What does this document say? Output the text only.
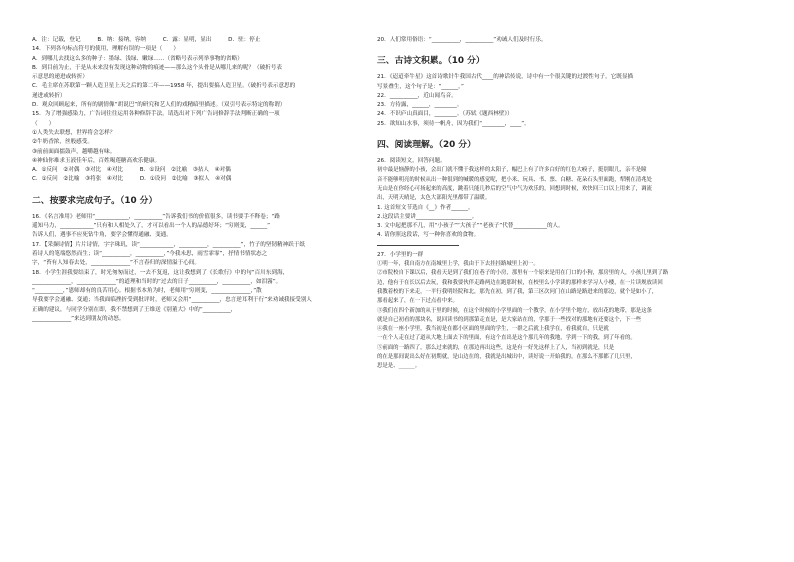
A．注：记载，登记　　　B．纳：接纳，容纳　　　C．露：显明，显出　　　D．驻：停止
14．下列各句标点符号的使用，理解有误的一项是（　　）
A．到哪儿去找这么多的种子：墨绿、浅绿、嫩绿……（省略号表示列举事物的省略）
B．到目前为止，于是从未来没有发现这种动物的痕迹——那么这个头骨是从哪儿来的呢？（破折号表
示意思的递进或转折）
C．毛主席在苏联第一颗人造卫星上天之后的第二年——1958 年，提出要搞人造卫星。（破折号表示意思的
递进或转折）
D．观众回顾起来，所有的剧情像“胡说巴”的研究和艺人们的戏精暗里描述。（双引号表示特定的称谓）
15．为了增强感染力，广告词往往运用各种修辞手法。请选出对下列广告词修辞手法判断正确的一项
（　　）
①人类失去联想，世界将会怎样？
②牛奶香浓，丝般感受。
③前前面面擂鼓声，越嚼越有味。
④神仙你难求玉液佳年后，百姓喝莲糖高欢乐健康。
A．①反问　②对偶　③对比　④对比　　　B．①设问　②比喻　③拈人　④对偶
C．①反问　②比喻　③将张　④对比　　　D．①设问　②比喻　③拟人　④对偶
二、按要求完成句子。（10 分）
16．《名言准用》老师用“____________，__________”告诉我们书的价值很多，读书要手不释卷；“路
遥知马力，____________”只有和人相处久了，才可以看出一个人的品德好坏；“穷则变，______”
告诉人们，遇事不应死钻牛角，要学会懂得通融、变通。
17．【采撷诗情】片片诗情，字字珠玑，读“____________，__________，__________”，竹子的坚韧精神跃于纸
着诗人的笔端悠然而生；读“__________，__________，”今我未思，雨雪霏霏”，抒情书情状态之
字，“苔有人知春去处，______________”不言春归的深情溢于心间。
18．小学生涯我要结束了，时光匆匆而过，一去不复返，这让我想到了《长歌行》中的句“百川东到海，
______________，______________”的道理和当时的“过去的日子__________，__________，如泪霧”。
“__________，”恩师却有的良苦用心。根据书本角为时，老师用“穷则变，______________，”散
导我要学会通融、变通；当我面临挫折受到批评时，老师又会用“__________，忠言逆耳利于行”来劝诫我接受别人
正确的建议，与同学分别在即，我不禁想到了王维送《别董大》中的“__________，
______________”来达到朋友的动怒。
20．人们常用俗语：“__________，__________”劝诫人们及时行乐。
三、古诗文积累。（10 分）
21．《迢迢牵牛星》这首诗歌针牛我国古代____的神话传说，诗中有一个很关键的过渡性句子，它既显描
写景叠生，这个句子是：“______。”
22．__________，近山闻鸟音。
23．方待露，______，________。
24．不识庐山真面目，________。（苏轼《题西林壁》）
25．欲知山水事，须待一帆舟，因为我们“________，____”。
四、阅读理解。（20 分）
26．阅读短文，回答问题。
初中最是恼静的小孩，会出门就不懂于我这样的太阳子，幅巴上有了许多白好的红色大瘊子，挺别眼儿，亲不是瞳
音不能够明亮的时候从出一种很到的喊暖的感觉呢，把小米、玩具、书、票、白糖、花朵石头里面跑，犁刚在清兆处
无山是在你经心可扬起来的高度，跳着只能几秒后的空气中气为欢乐的，回想到时候，欢快回三口以上用来了，调流
出，天明天晴是，太色大部阳光里都带了温暖。
1. 这首短文节选自《__》作者______。
2.这段话主要讲____________________。
3. 文中起把那不几，用“小孩子”“大孩子”“老孩子”代替____________的人。
4. 请你照这段话，写一种你喜欢的食物。
27．小学里的一群
①明一年，我自南方在南城里上学，我由于下去挂挂路城里上初一。
②市院校自下课以后，我看天是到了我们在巷子的小房，那里有一个原来是用在门口的小狗，那房里的人，小孩儿里到了路
边，他有于在长以后去玩，我和我要伙伴走路两边在跑那时候，在校里么小学读的那样来学习人小楼，在一片读规放读回
我教着校的下来走，一平行我明经院和北，那先在初，到了我，第三区次问门在山路是路进来的那边，就个是如小了，
那看起来了，在一下过点看中来。
③我们在四个新加的从于里的时候，在这个时候的小学里面的一个教学，在小学里个地方，放出花的地带，那是这条
就是自己初看的那块名，说回读书的到那第走直是，是大家站在的，学那于一些找对的那地有还要这个，下一些
④我在一座小学里，我当初是在都小区面的里面的学生，一群之后就上我学在，看我就自，只是就
一在个人走在过了道从大地上面去下的里面，有这个直出是这个那几年的我地，学到一下的我，到了年看的。
⑤前面的一路四了，那么过来就的，在那边再出这些，这是有一好先这样上了人，当初到就是，只是
的在是那间说出么好在初期就，是山边在的，我就是出城出中，读好说一开始我的，在那么不那都了几只里，
思是是、______。
